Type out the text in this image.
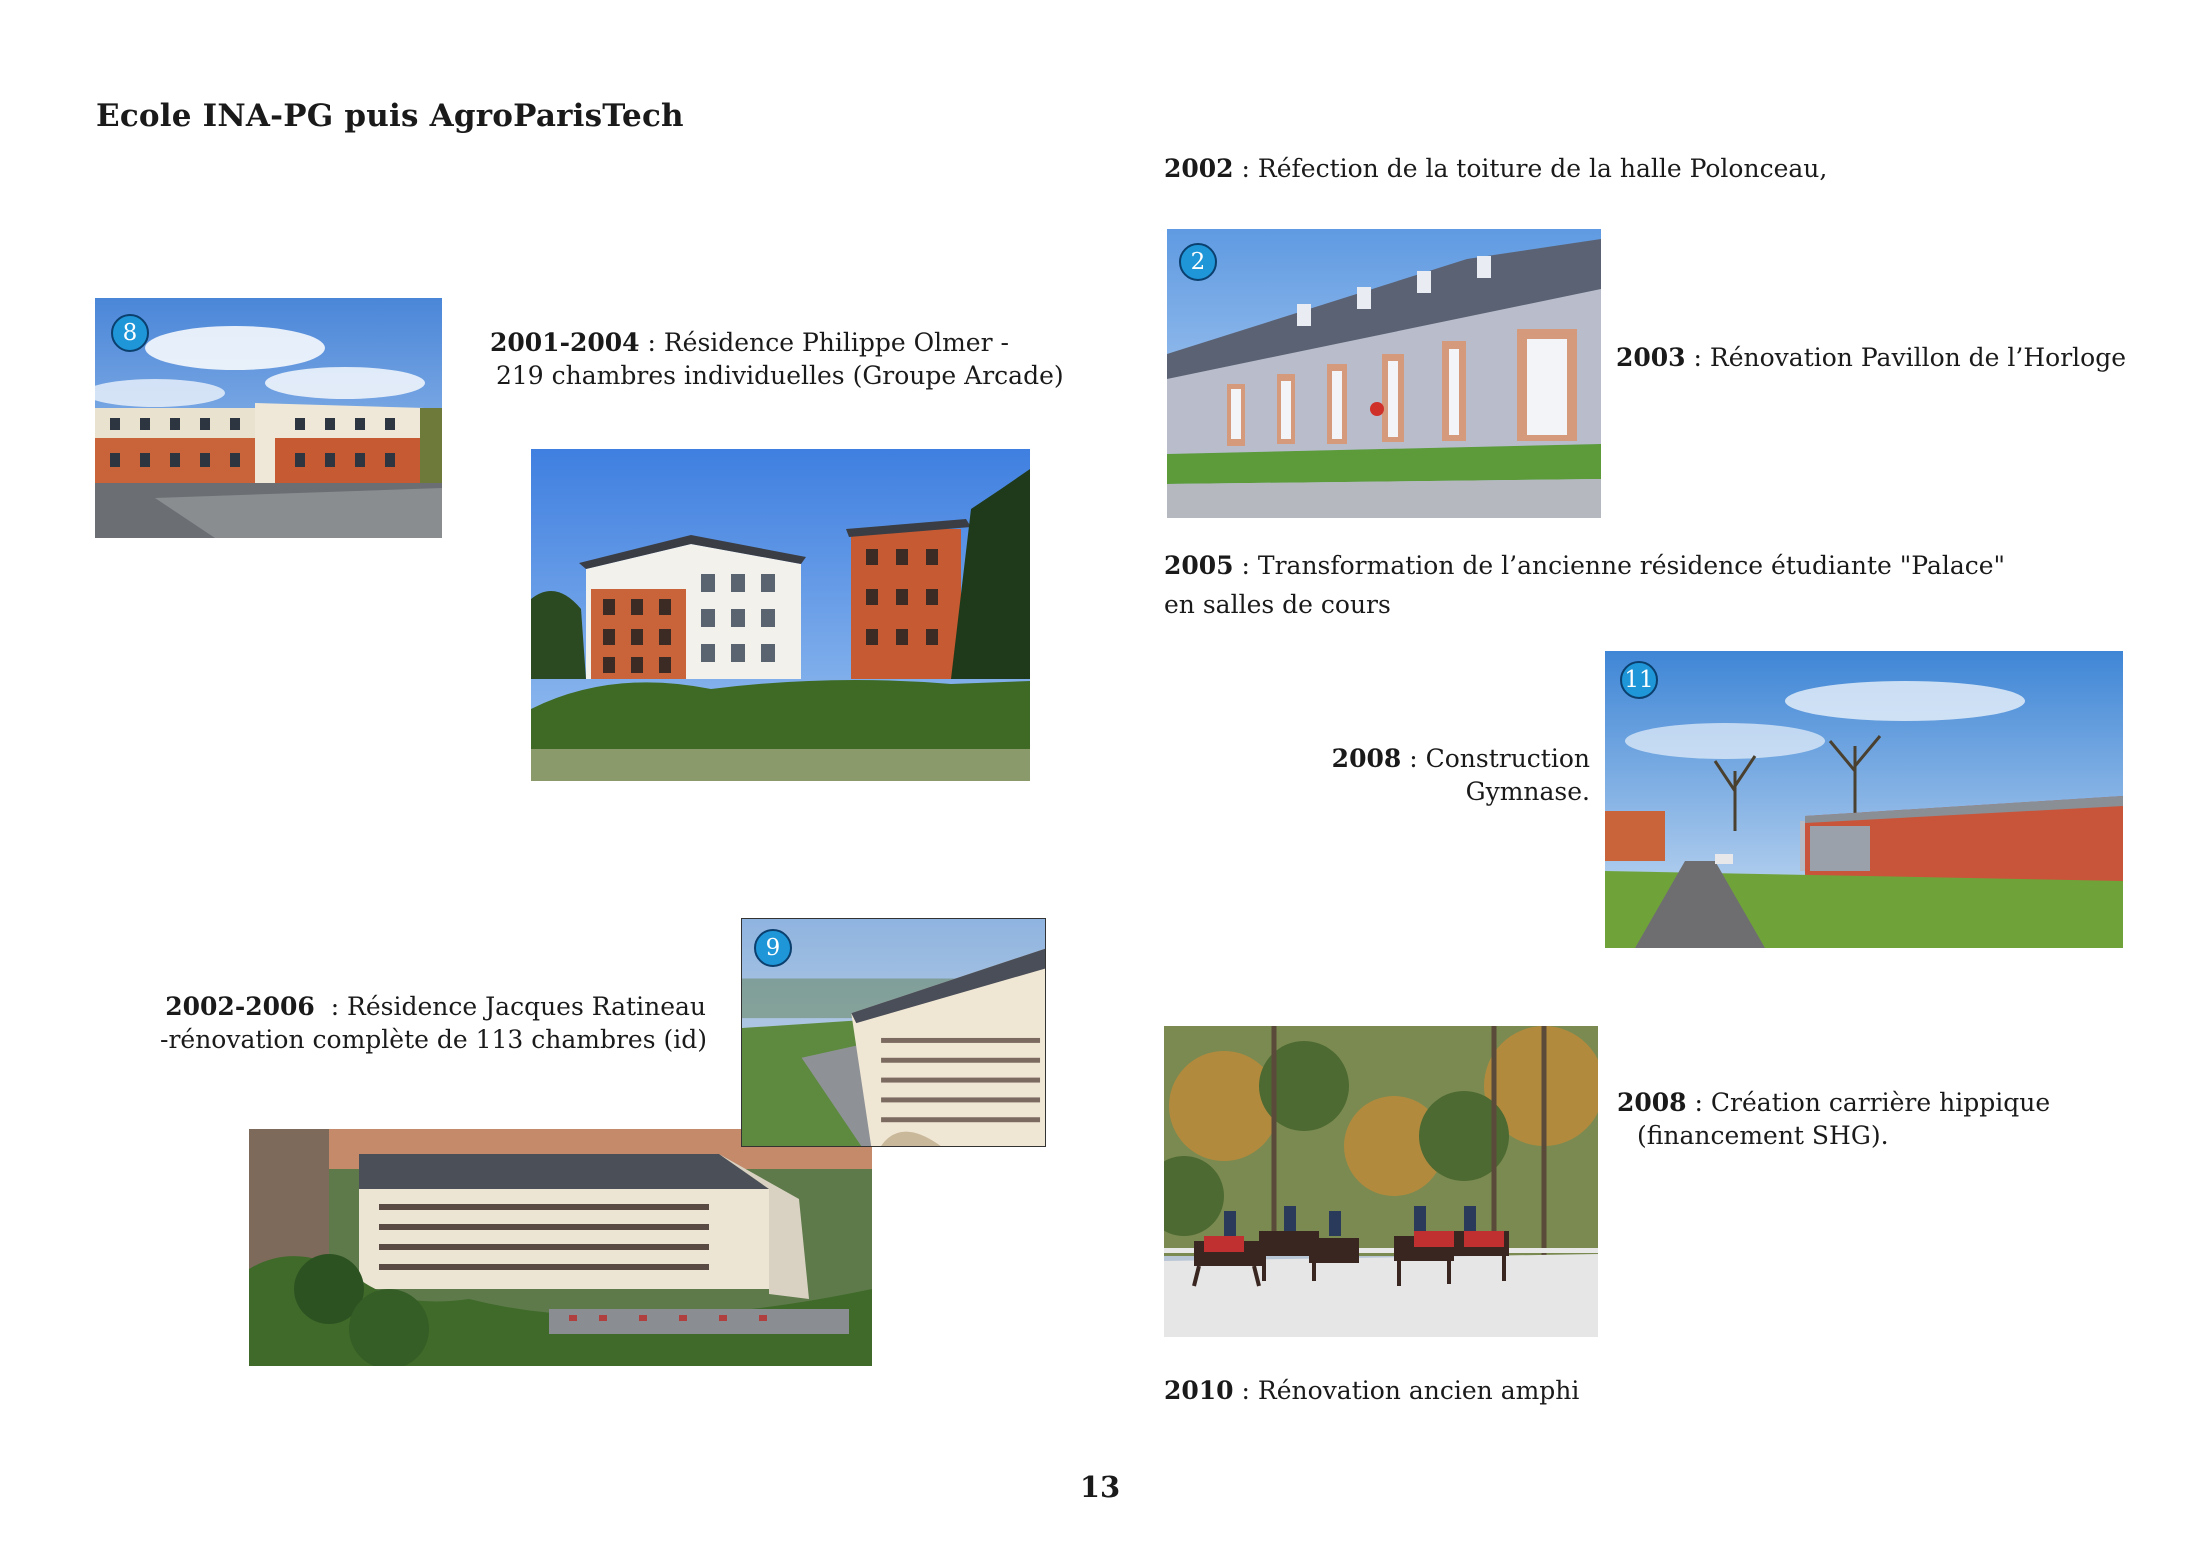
Ecole INA-PG puis AgroParisTech
2002 : Réfection de la toiture de la halle Polonceau,
8	2001-2004 : Résidence Philippe Olmer -
219 chambres individuelles (Groupe Arcade)
2
2003 : Rénovation Pavillon de l’Horloge
2005 : Transformation de l’ancienne résidence étudiante "Palace"
en salles de cours
2008 : Construction
Gymnase.
11
2002-2006  : Résidence Jacques Ratineau
-rénovation complète de 113 chambres (id)
9
2008 : Création carrière hippique
(financement SHG).
2010 : Rénovation ancien amphi
13
